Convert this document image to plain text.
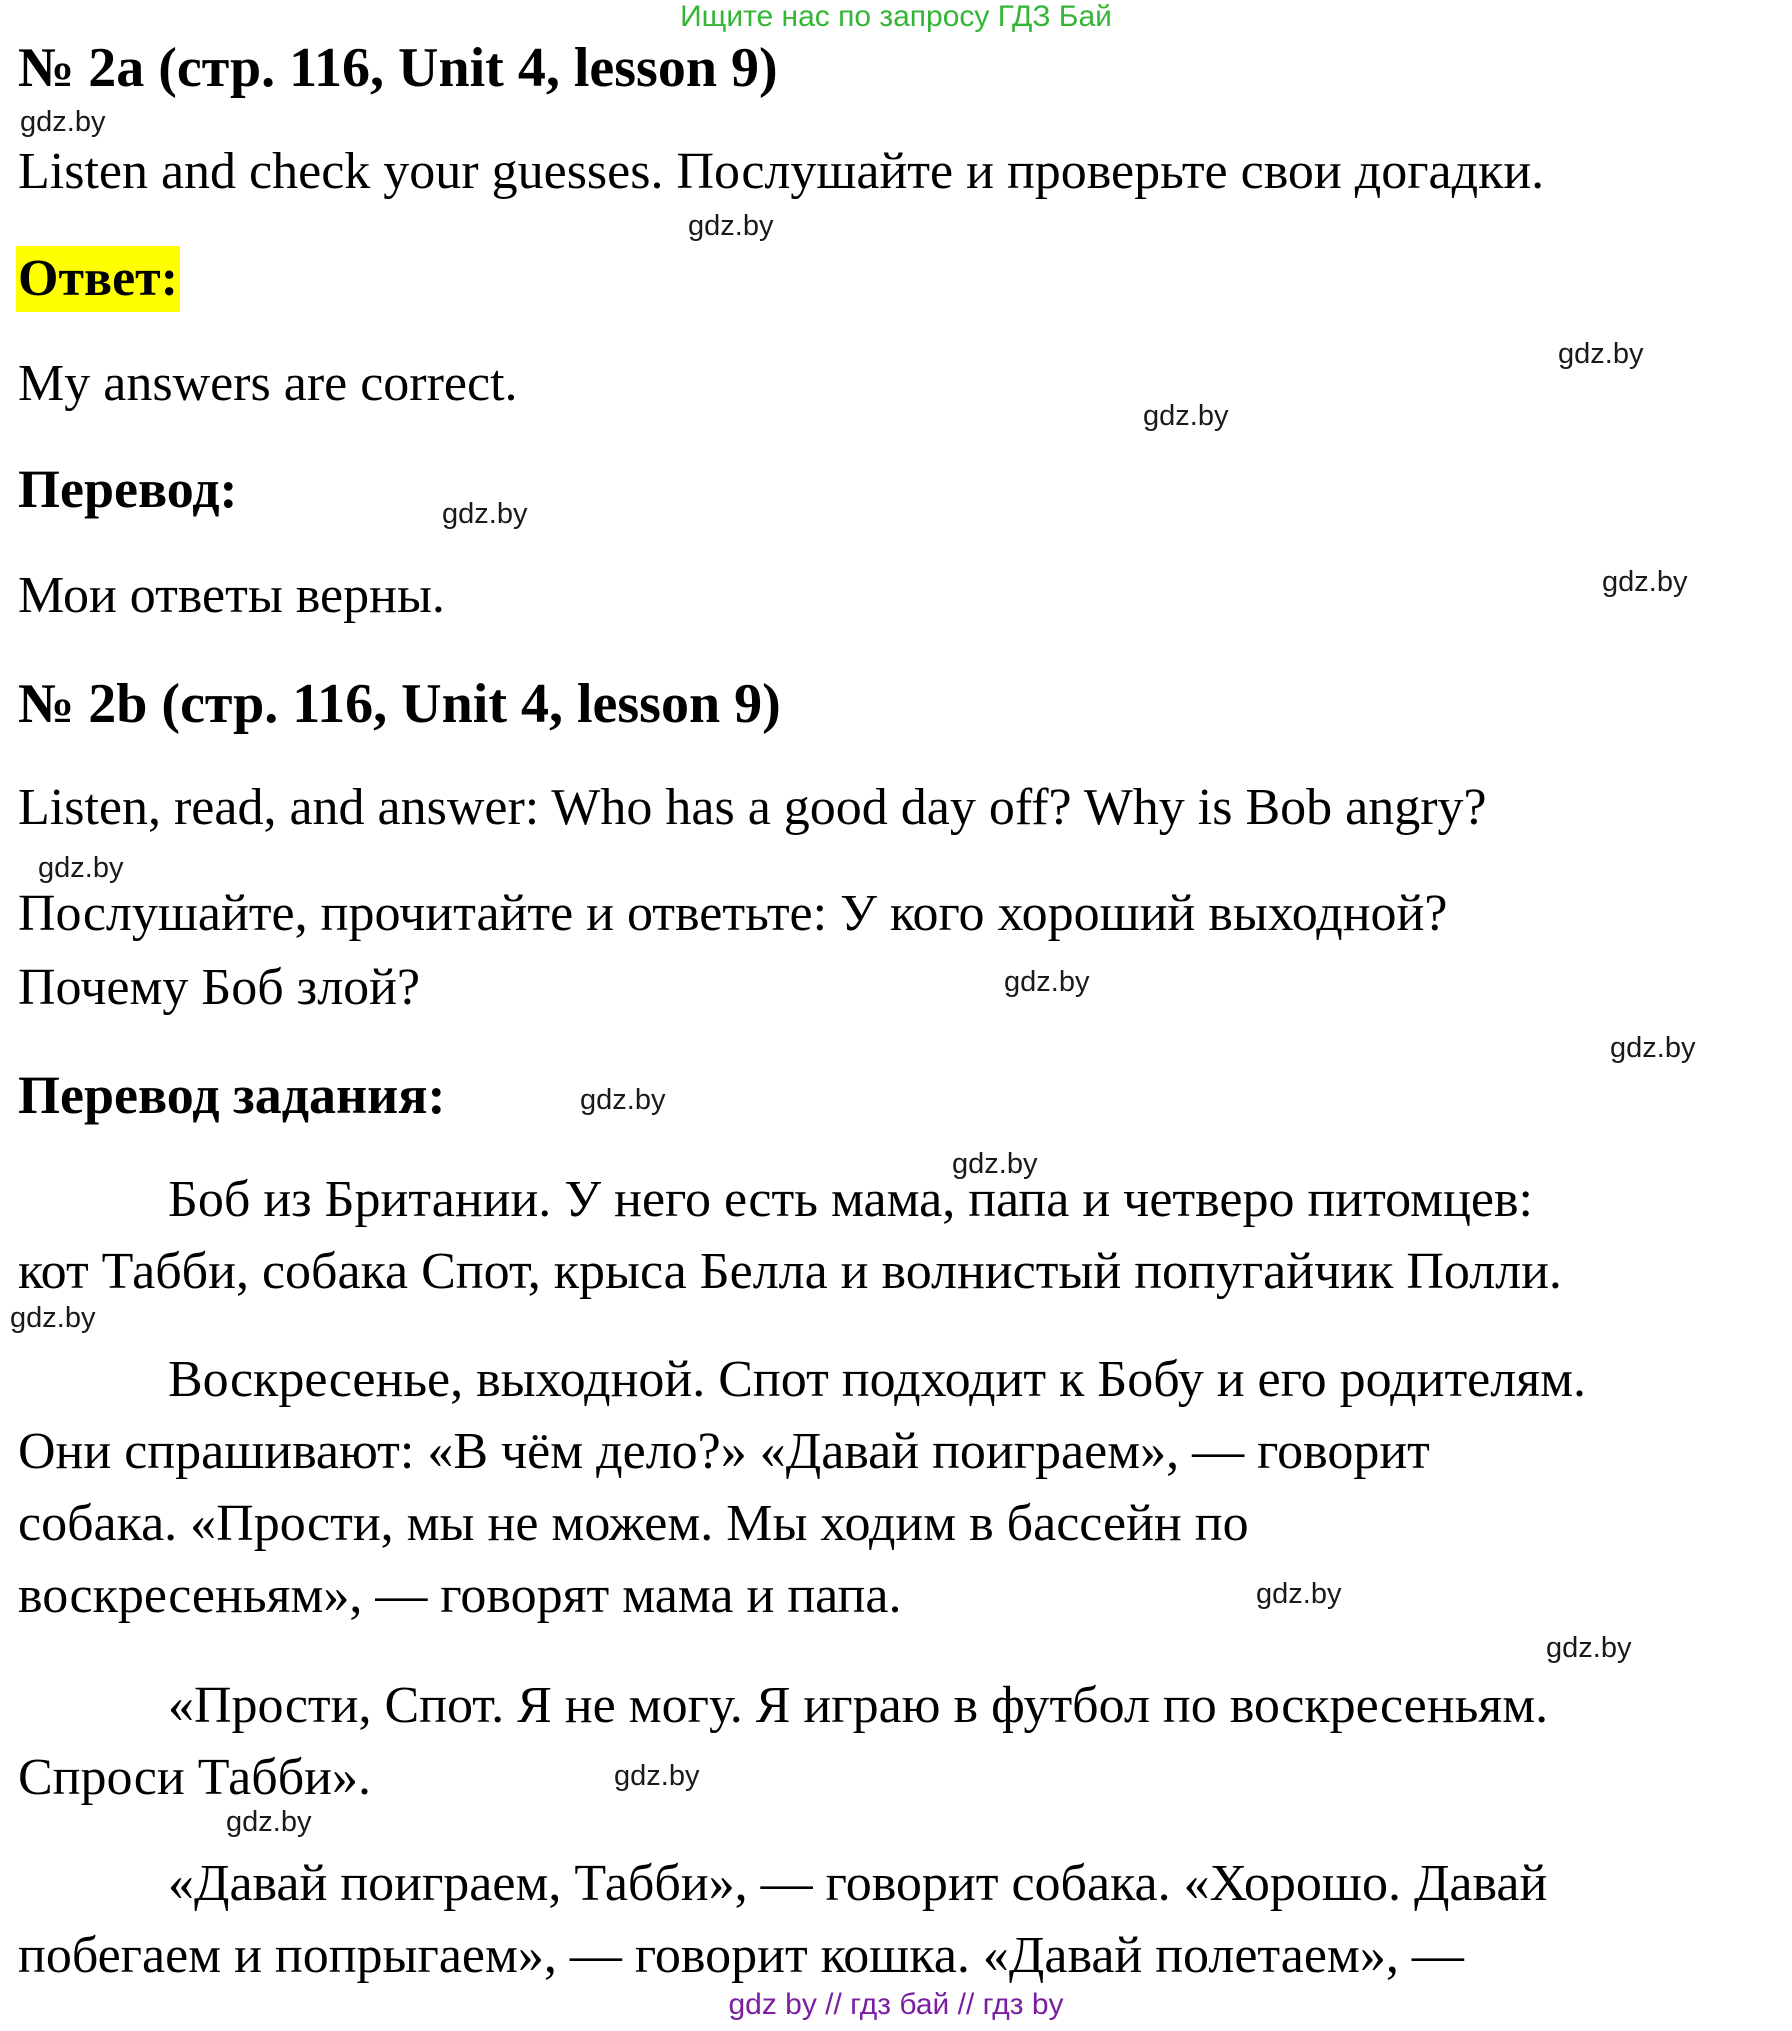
Ищите нас по запросу ГДЗ Бай
№ 2a (стр. 116, Unit 4, lesson 9)
Listen and check your guesses. Послушайте и проверьте свои догадки.
Ответ:
My answers are correct.
Перевод:
Мои ответы верны.
№ 2b (стр. 116, Unit 4, lesson 9)
Listen, read, and answer: Who has a good day off? Why is Bob angry?
Послушайте, прочитайте и ответьте: У кого хороший выходной?
Почему Боб злой?
Перевод задания:
Боб из Британии. У него есть мама, папа и четверо питомцев:
кот Табби, собака Спот, крыса Белла и волнистый попугайчик Полли.
Воскресенье, выходной. Спот подходит к Бобу и его родителям.
Они спрашивают: «В чём дело?» «Давай поиграем», — говорит
собака. «Прости, мы не можем. Мы ходим в бассейн по
воскресеньям», — говорят мама и папа.
«Прости, Спот. Я не могу. Я играю в футбол по воскресеньям.
Спроси Табби».
«Давай поиграем, Табби», — говорит собака. «Хорошо. Давай
побегаем и попрыгаем», — говорит кошка. «Давай полетаем», —
gdz.by
gdz.by
gdz.by
gdz.by
gdz.by
gdz.by
gdz.by
gdz.by
gdz.by
gdz.by
gdz.by
gdz.by
gdz.by
gdz.by
gdz.by
gdz.by
gdz by // гдз бай // гдз by
